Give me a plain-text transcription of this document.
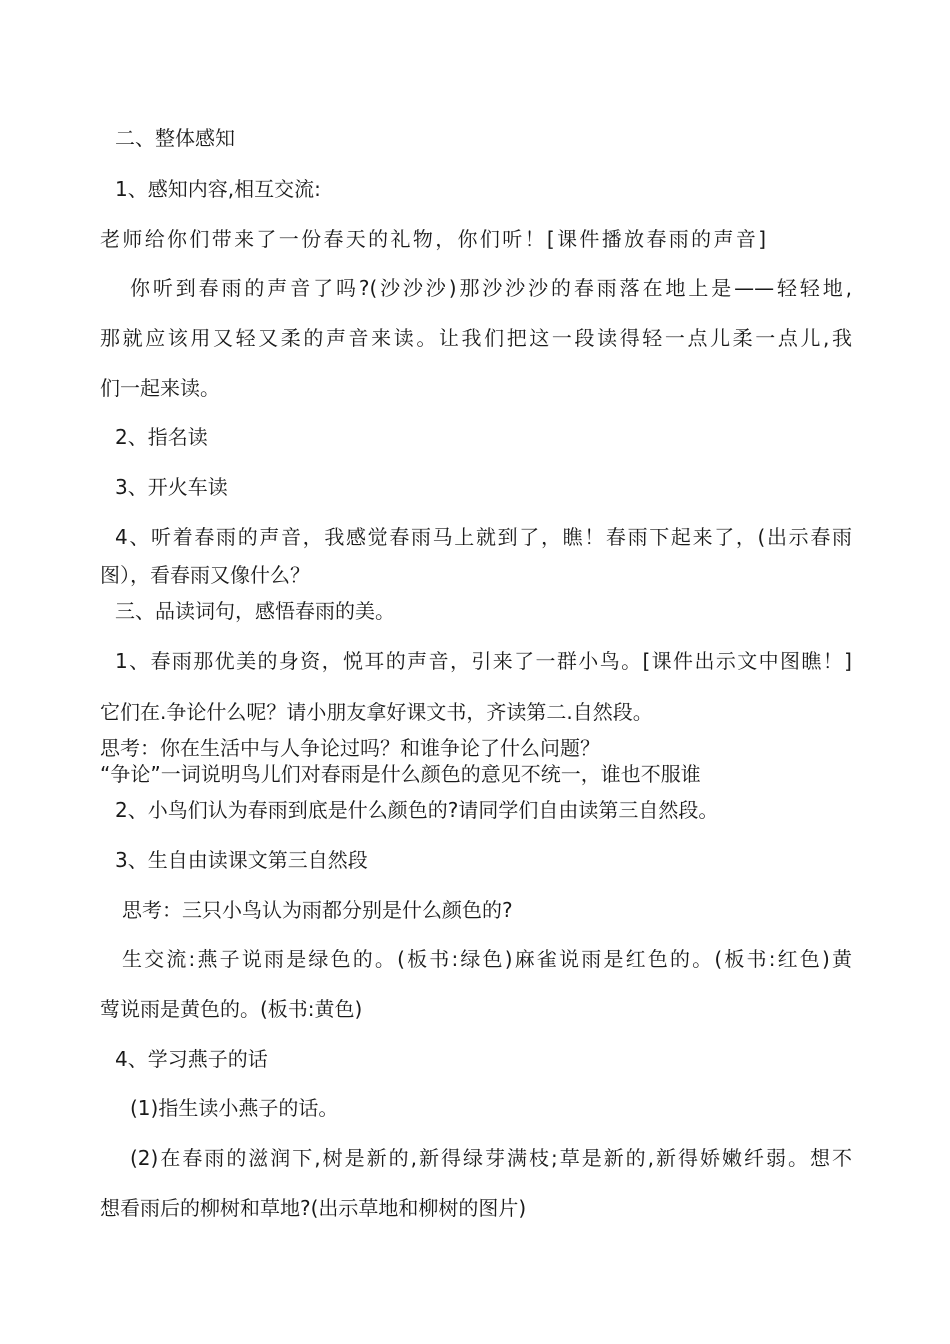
二、整体感知
1、感知内容,相互交流:
老师给你们带来了一份春天的礼物，你们听！[课件播放春雨的声音]
你听到春雨的声音了吗?(沙沙沙)那沙沙沙的春雨落在地上是——轻轻地,
那就应该用又轻又柔的声音来读。让我们把这一段读得轻一点儿柔一点儿,我
们一起来读。
2、指名读
3、开火车读
4、听着春雨的声音，我感觉春雨马上就到了，瞧！春雨下起来了，(出示春雨
图），看春雨又像什么？
三、品读词句，感悟春雨的美。
1、春雨那优美的身资，悦耳的声音，引来了一群小鸟。[课件出示文中图瞧！]
它们在.争论什么呢？请小朋友拿好课文书，齐读第二.自然段。
思考：你在生活中与人争论过吗？和谁争论了什么问题？
“争论”一词说明鸟儿们对春雨是什么颜色的意见不统一，谁也不服谁
2、小鸟们认为春雨到底是什么颜色的?请同学们自由读第三自然段。
3、生自由读课文第三自然段
思考：三只小鸟认为雨都分别是什么颜色的?
生交流:燕子说雨是绿色的。(板书:绿色)麻雀说雨是红色的。(板书:红色)黄
莺说雨是黄色的。(板书:黄色)
4、学习燕子的话
(1)指生读小燕子的话。
(2)在春雨的滋润下,树是新的,新得绿芽满枝;草是新的,新得娇嫩纤弱。想不
想看雨后的柳树和草地?(出示草地和柳树的图片)
